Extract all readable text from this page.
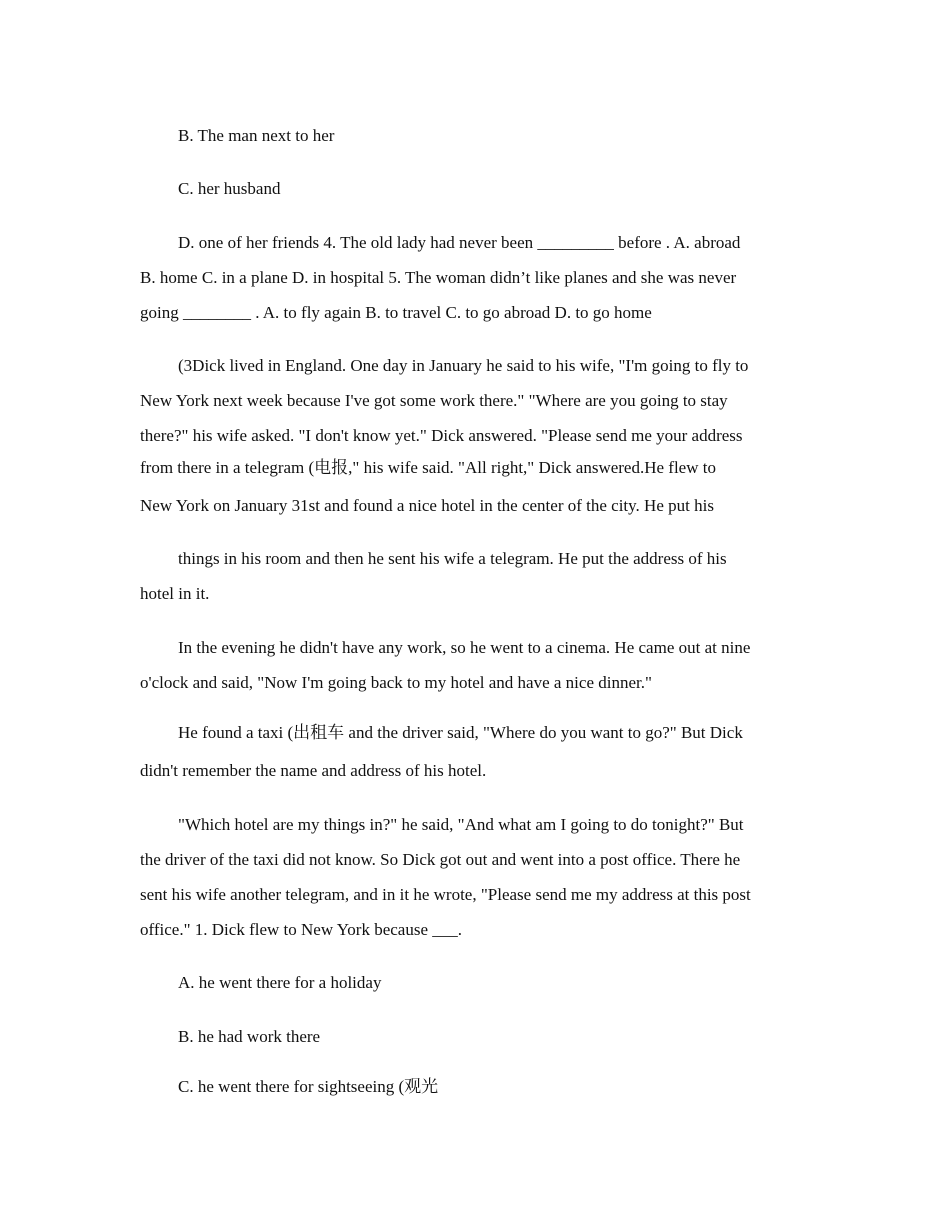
B. The man next to her

C. her husband

D. one of her friends 4. The old lady had never been _________ before . A. abroad

B. home C. in a plane D. in hospital 5. The woman didn’t like planes and she was never

going ________ . A. to fly again B. to travel C. to go abroad D. to go home

(3Dick lived in England. One day in January he said to his wife, "I'm going to fly to

New York next week because I've got some work there." "Where are you going to stay

there?" his wife asked. "I don't know yet." Dick answered. "Please send me your address

from there in a telegram (电报," his wife said. "All right," Dick answered.He flew to

New York on January 31st and found a nice hotel in the center of the city. He put his

things in his room and then he sent his wife a telegram. He put the address of his

hotel in it.

In the evening he didn't have any work, so he went to a cinema. He came out at nine

o'clock and said, "Now I'm going back to my hotel and have a nice dinner."

He found a taxi (出租车 and the driver said, "Where do you want to go?" But Dick

didn't remember the name and address of his hotel.

"Which hotel are my things in?" he said, "And what am I going to do tonight?" But

the driver of the taxi did not know. So Dick got out and went into a post office. There he

sent his wife another telegram, and in it he wrote, "Please send me my address at this post

office." 1. Dick flew to New York because ___.

A. he went there for a holiday

B. he had work there

C. he went there for sightseeing (观光
